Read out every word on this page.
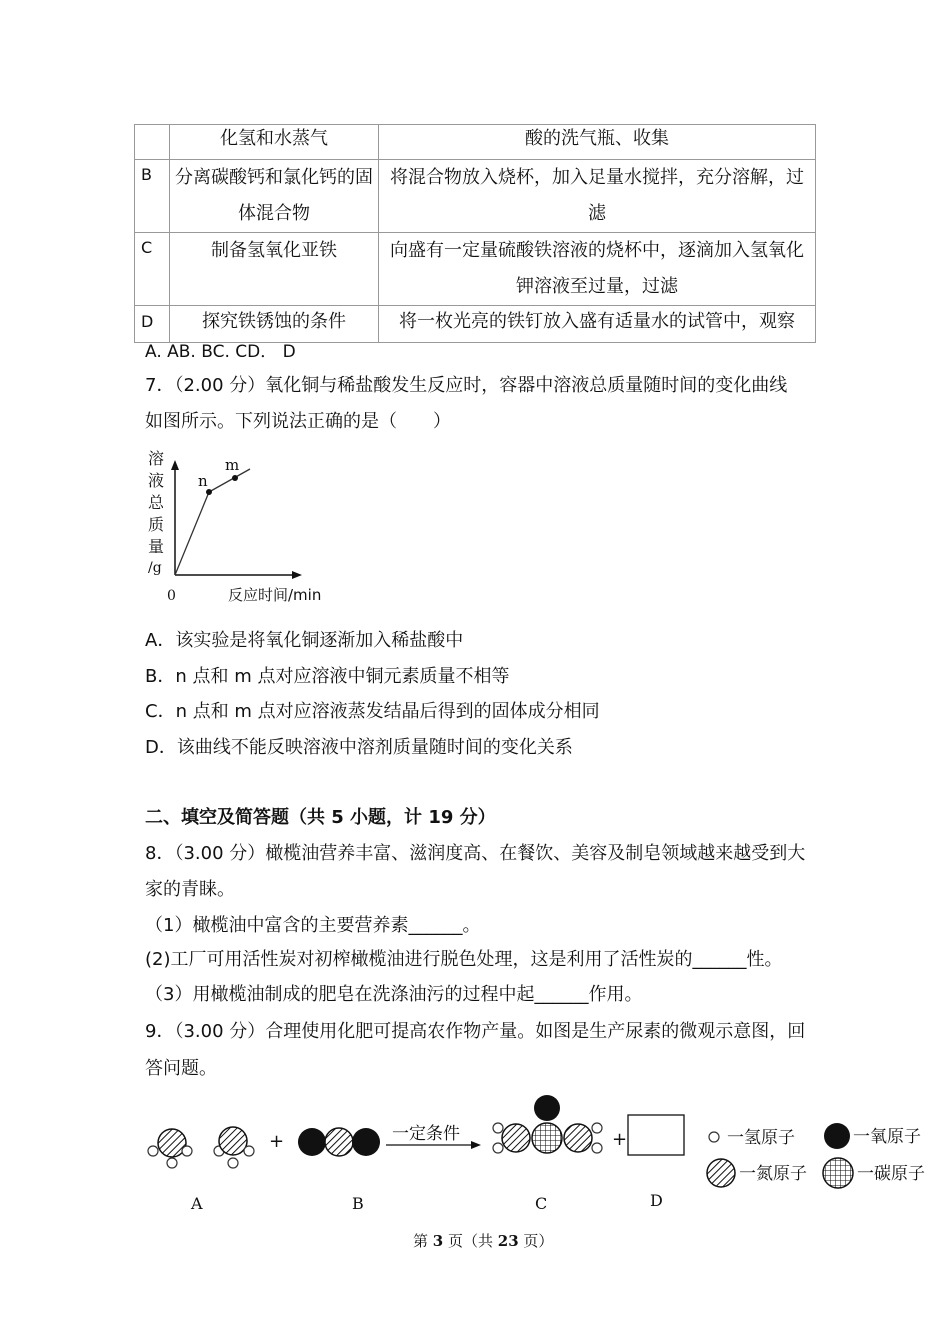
	化氢和水蒸气	酸的洗气瓶、收集
B	分离碳酸钙和氯化钙的固体混合物	将混合物放入烧杯，加入足量水搅拌，充分溶解，过滤
C	制备氢氧化亚铁	向盛有一定量硫酸铁溶液的烧杯中，逐滴加入氢氧化钾溶液至过量，过滤
D	探究铁锈蚀的条件	将一枚光亮的铁钉放入盛有适量水的试管中，观察
A. AB. BC. CD． D
7．（2.00 分）氧化铜与稀盐酸发生反应时，容器中溶液总质量随时间的变化曲线
如图所示。下列说法正确的是（　　）
溶
液
总
质
量
/g
n
m
0	反应时间/min
A．该实验是将氧化铜逐渐加入稀盐酸中
B．n 点和 m 点对应溶液中铜元素质量不相等
C．n 点和 m 点对应溶液蒸发结晶后得到的固体成分相同
D．该曲线不能反映溶液中溶剂质量随时间的变化关系
二、填空及简答题（共 5 小题，计 19 分）
8．（3.00 分）橄榄油营养丰富、滋润度高、在餐饮、美容及制皂领域越来越受到大
家的青睐。
（1）橄榄油中富含的主要营养素______。
(2)工厂可用活性炭对初榨橄榄油进行脱色处理，这是利用了活性炭的______性。
（3）用橄榄油制成的肥皂在洗涤油污的过程中起______作用。
9．（3.00 分）合理使用化肥可提高农作物产量。如图是生产尿素的微观示意图，回
答问题。
+	一定条件	+
A	B	C	D
一氢原子	一氧原子
一氮原子	一碳原子
第 3 页（共 23 页）
